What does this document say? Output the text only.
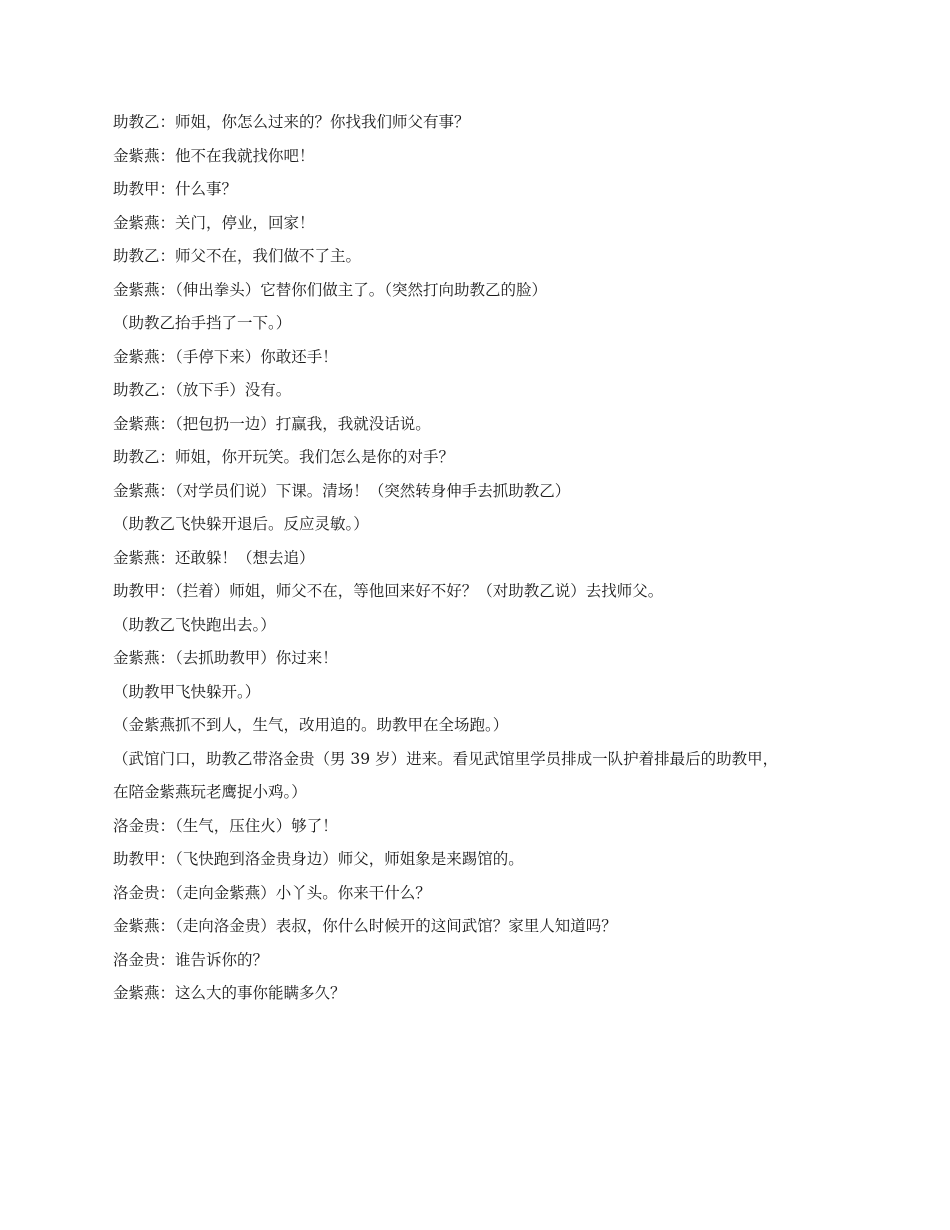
助教乙：师姐，你怎么过来的？你找我们师父有事？

金紫燕：他不在我就找你吧！

助教甲：什么事？

金紫燕：关门，停业，回家！

助教乙：师父不在，我们做不了主。

金紫燕：（伸出拳头）它替你们做主了。（突然打向助教乙的脸）

（助教乙抬手挡了一下。）

金紫燕：（手停下来）你敢还手！

助教乙：（放下手）没有。

金紫燕：（把包扔一边）打赢我，我就没话说。

助教乙：师姐，你开玩笑。我们怎么是你的对手？

金紫燕：（对学员们说）下课。清场！（突然转身伸手去抓助教乙）

（助教乙飞快躲开退后。反应灵敏。）

金紫燕：还敢躲！（想去追）

助教甲：（拦着）师姐，师父不在，等他回来好不好？（对助教乙说）去找师父。

（助教乙飞快跑出去。）

金紫燕：（去抓助教甲）你过来！

（助教甲飞快躲开。）

（金紫燕抓不到人，生气，改用追的。助教甲在全场跑。）

（武馆门口，助教乙带洛金贵（男 39 岁）进来。看见武馆里学员排成一队护着排最后的助教甲，

在陪金紫燕玩老鹰捉小鸡。）

洛金贵：（生气，压住火）够了！

助教甲：（飞快跑到洛金贵身边）师父，师姐象是来踢馆的。

洛金贵：（走向金紫燕）小丫头。你来干什么？

金紫燕：（走向洛金贵）表叔，你什么时候开的这间武馆？家里人知道吗？

洛金贵：谁告诉你的？

金紫燕：这么大的事你能瞒多久？
